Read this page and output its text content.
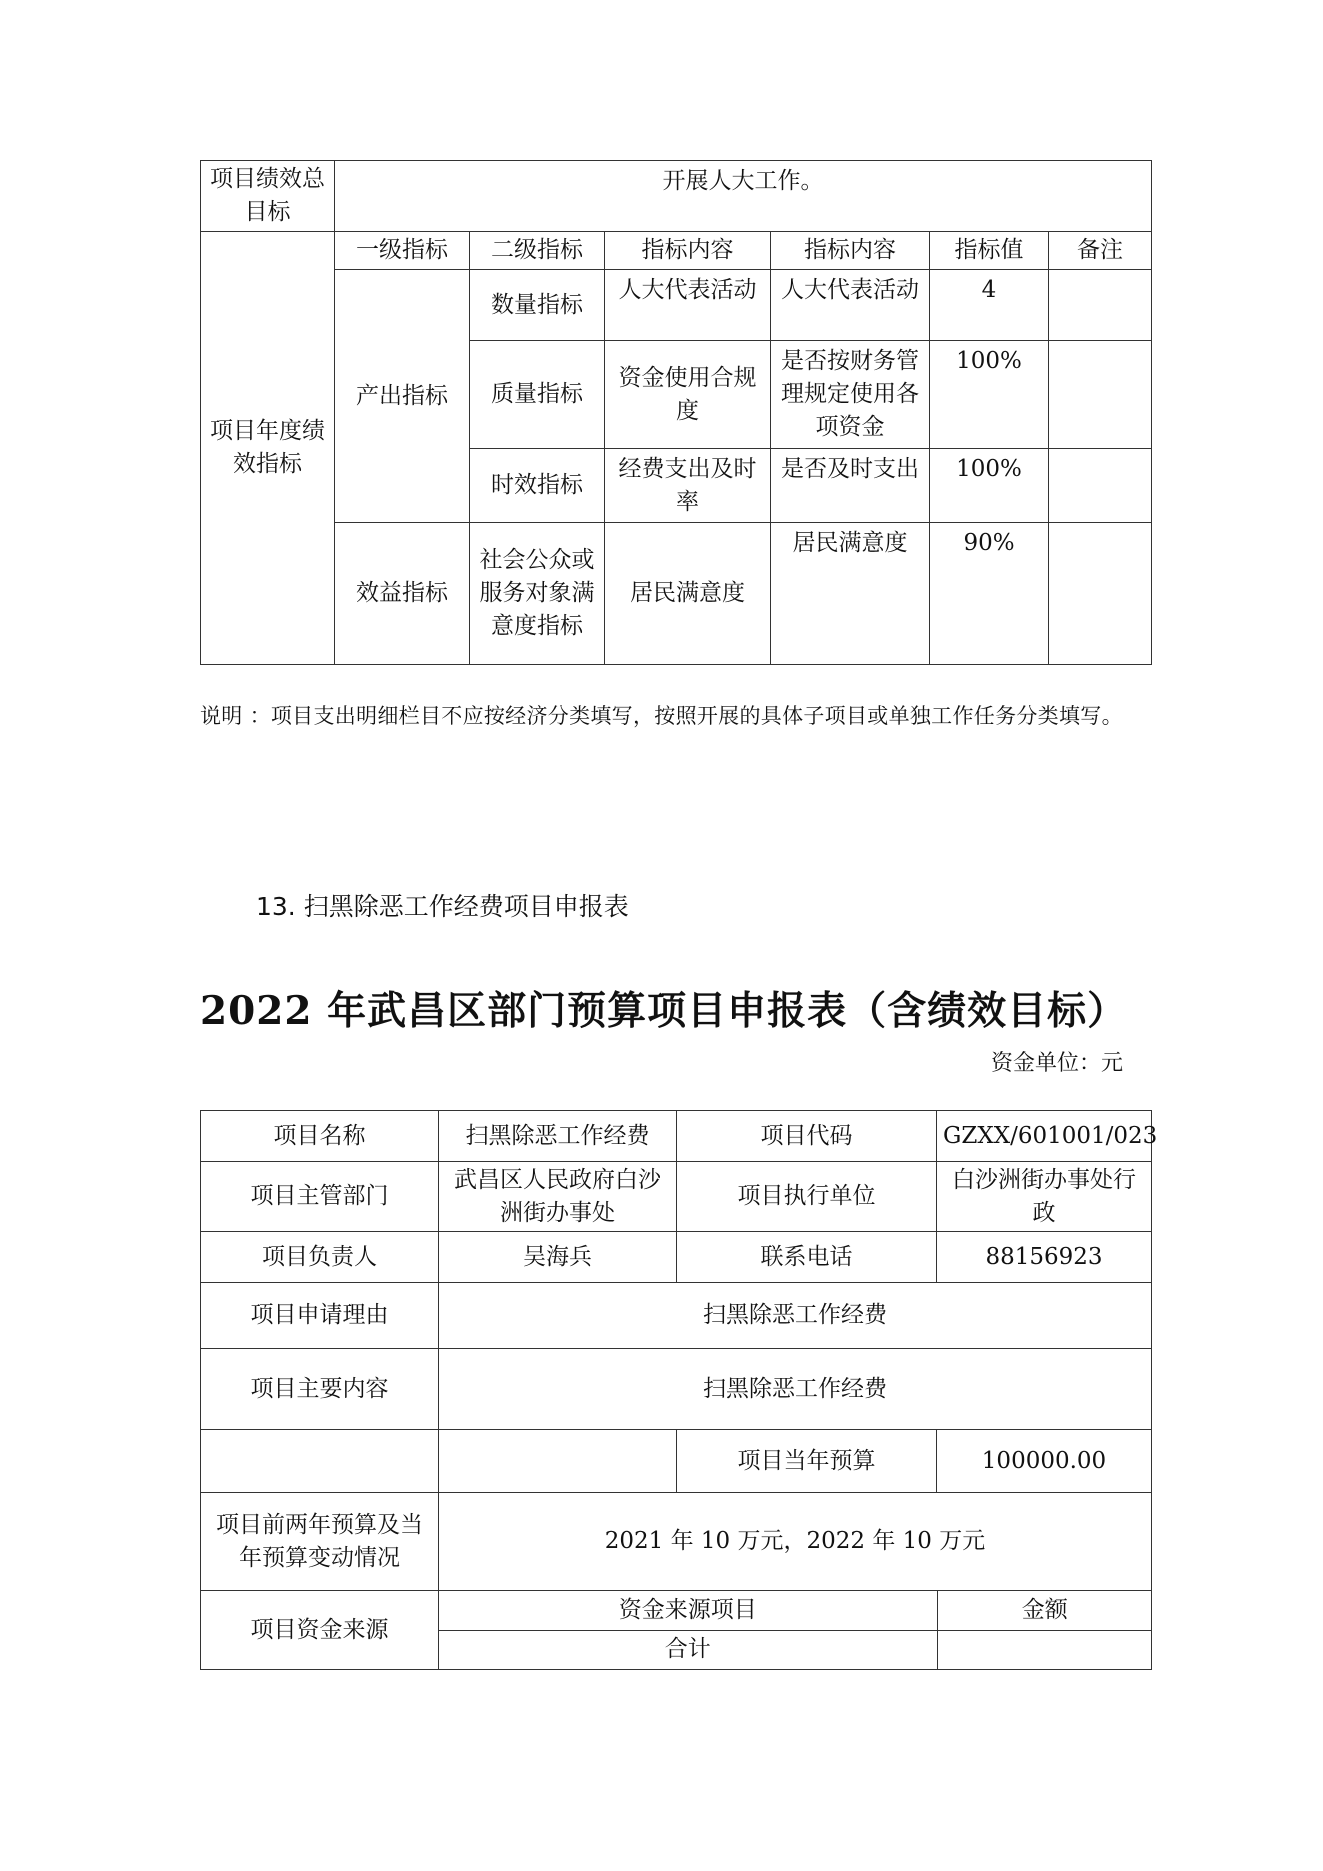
项目绩效总目标	开展人大工作。					
项目年度绩效指标	一级指标	二级指标	指标内容	指标内容	指标值	备注
	产出指标	数量指标	人大代表活动	人大代表活动	4	
		质量指标	资金使用合规度	是否按财务管理规定使用各项资金	100%	
		时效指标	经费支出及时率	是否及时支出	100%	
	效益指标	社会公众或服务对象满意度指标	居民满意度	居民满意度	90%	
说明 ：项目支出明细栏目不应按经济分类填写，按照开展的具体子项目或单独工作任务分类填写。
13. 扫黑除恶工作经费项目申报表
2022 年武昌区部门预算项目申报表（含绩效目标）
资金单位：元
项目名称	扫黑除恶工作经费	项目代码	GZXX/601001/023
项目主管部门	武昌区人民政府白沙洲街办事处	项目执行单位	白沙洲街办事处行政
项目负责人	吴海兵	联系电话	88156923
项目申请理由	扫黑除恶工作经费
项目主要内容	扫黑除恶工作经费
		项目当年预算	100000.00
项目前两年预算及当年预算变动情况	2021 年 10 万元，2022 年 10 万元
项目资金来源	
资金来源项目	金额
合计	
